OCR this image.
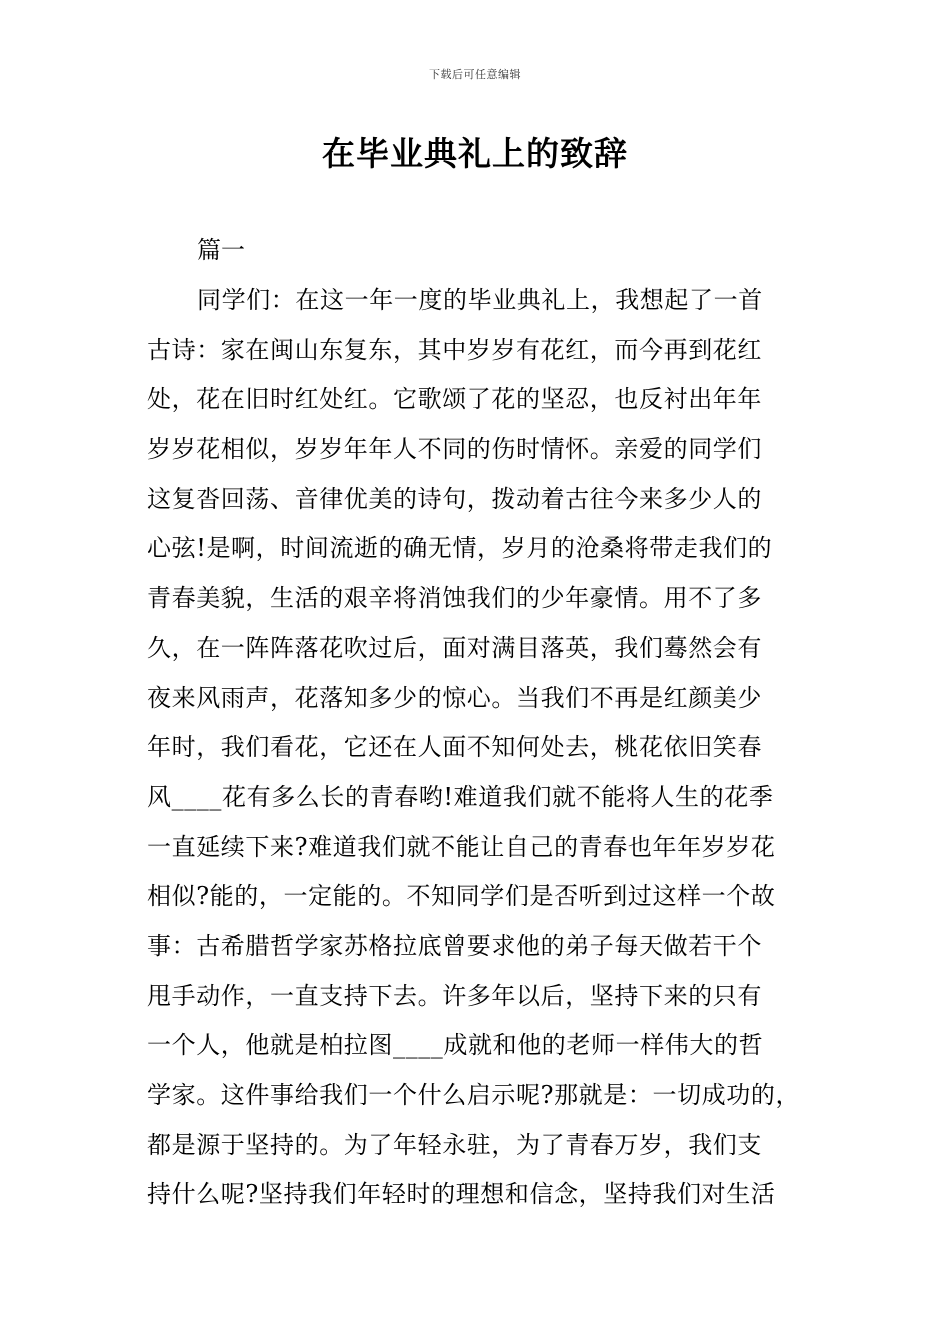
下载后可任意编辑
在毕业典礼上的致辞
篇一
同学们：在这一年一度的毕业典礼上，我想起了一首
古诗：家在闽山东复东，其中岁岁有花红，而今再到花红
处，花在旧时红处红。它歌颂了花的坚忍，也反衬出年年
岁岁花相似，岁岁年年人不同的伤时情怀。亲爱的同学们
这复沓回荡、音律优美的诗句，拨动着古往今来多少人的
心弦!是啊，时间流逝的确无情，岁月的沧桑将带走我们的
青春美貌，生活的艰辛将消蚀我们的少年豪情。用不了多
久，在一阵阵落花吹过后，面对满目落英，我们蓦然会有
夜来风雨声，花落知多少的惊心。当我们不再是红颜美少
年时，我们看花，它还在人面不知何处去，桃花依旧笑春
风____花有多么长的青春哟!难道我们就不能将人生的花季
一直延续下来?难道我们就不能让自己的青春也年年岁岁花
相似?能的，一定能的。不知同学们是否听到过这样一个故
事：古希腊哲学家苏格拉底曾要求他的弟子每天做若干个
甩手动作，一直支持下去。许多年以后，坚持下来的只有
一个人，他就是柏拉图____成就和他的老师一样伟大的哲
学家。这件事给我们一个什么启示呢?那就是：一切成功的，
都是源于坚持的。为了年轻永驻，为了青春万岁，我们支
持什么呢?坚持我们年轻时的理想和信念，坚持我们对生活
